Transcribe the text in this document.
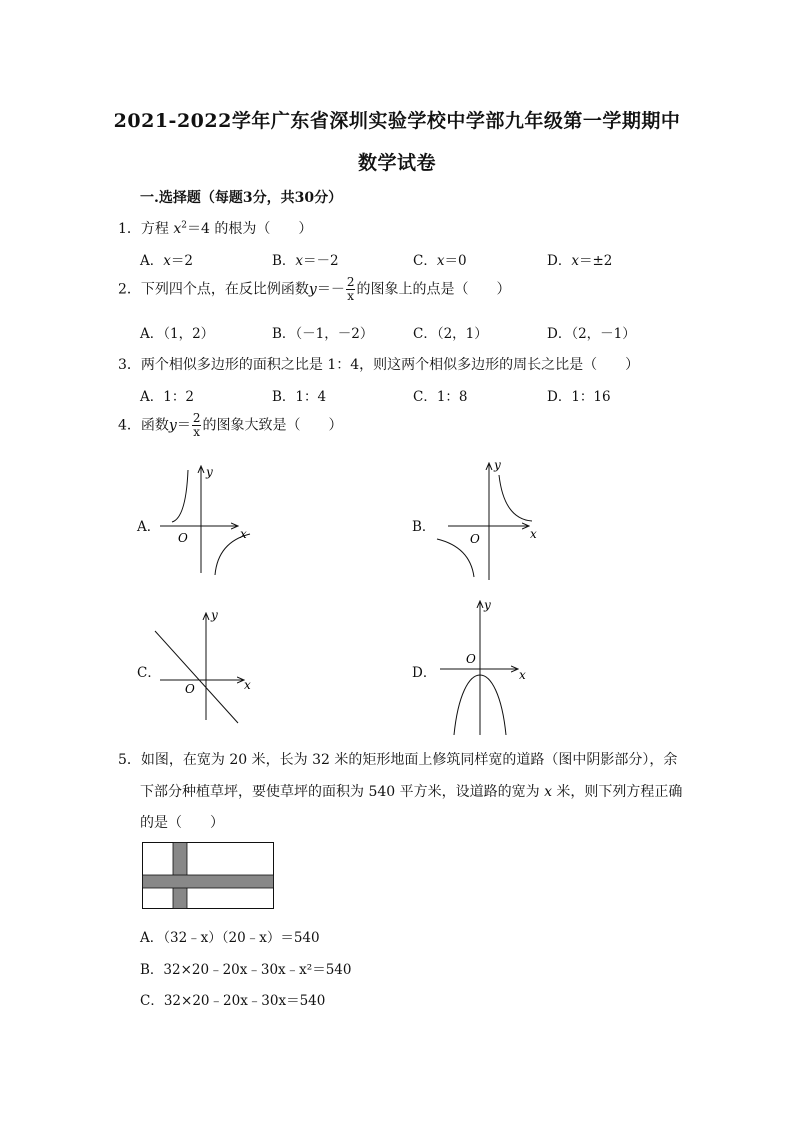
2021-2022学年广东省深圳实验学校中学部九年级第一学期期中
数学试卷
一.选择题（每题3分，共30分）
1．方程 $x^2=4$ 的根为（　　）
A．x＝2	B．x＝－2	C．x＝0	D．x＝±2
2．下列四个点，在反比例函数$y=- \frac{2}{x}$ 的图象上的点是（　　）
A．（1，2）	B．（－1，－2）	C．（2，1）	D．（2，－1）
3．两个相似多边形的面积之比是 1：4，则这两个相似多边形的周长之比是（　　）
A．1：2	B．1：4	C．1：8	D．1：16
4．函数$y= \frac{2}{x}$ 的图象大致是（　　）
A．
O	x
y
B．
O	x
y
C．
O	x
y
D．
O
x
y
5．如图，在宽为 20 米，长为 32 米的矩形地面上修筑同样宽的道路（图中阴影部分），余
下部分种植草坪，要使草坪的面积为 540 平方米，设道路的宽为 x 米，则下列方程正确
的是（　　）
A．（32﹣x）（20﹣x）＝540
B．32×20﹣20x﹣30x﹣x²＝540
C．32×20﹣20x﹣30x＝540
